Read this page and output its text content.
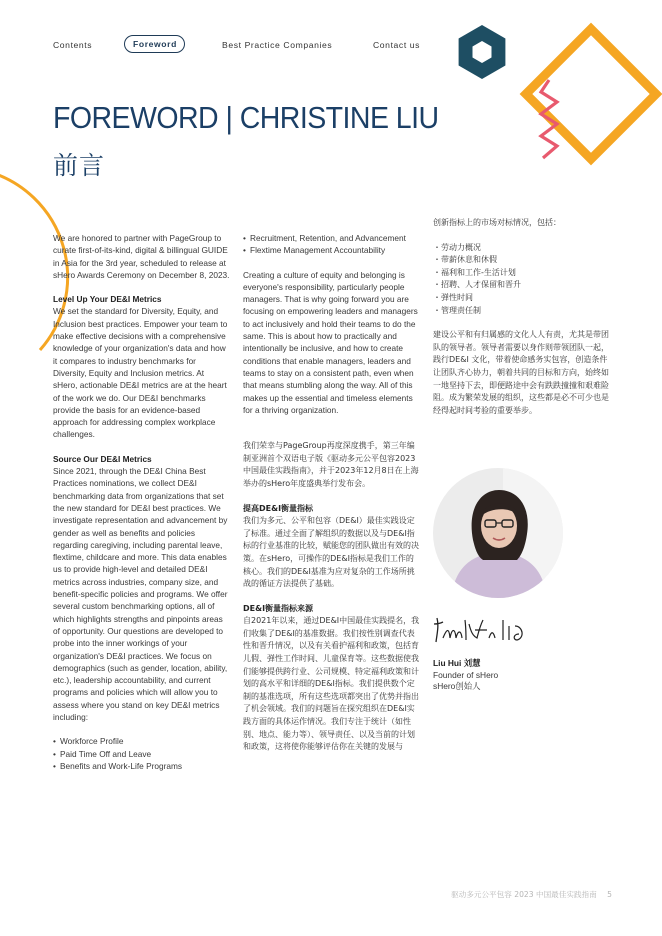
Contents	Foreword	Best Practice Companies	Contact us
FOREWORD | CHRISTINE LIU
前言

We are honored to partner with PageGroup to curate first-of-its-kind, digital & billingual GUIDE in Asia for the 3rd year, scheduled to release at sHero Awards Ceremony on December 8, 2023.

Level Up Your DE&I Metrics

We set the standard for Diversity, Equity, and Inclusion best practices. Empower your team to make effective decisions with a comprehensive knowledge of your organization's data and how it compares to industry benchmarks for Diversity, Equity and Inclusion metrics. At sHero, actionable DE&I metrics are at the heart of the work we do. Our DE&I benchmarks provide the basis for an evidence-based approach for addressing complex workplace challenges.

Source Our DE&I Metrics

Since 2021, through the DE&I China Best Practices nominations, we collect DE&I benchmarking data from organizations that set the new standard for DE&I best practices. We investigate representation and advancement by gender as well as benefits and policies regarding caregiving, including parental leave, flextime, childcare and more. This data enables us to provide high-level and detailed DE&I metrics across industries, company size, and benefit-specific policies and programs. We offer several custom benchmarking options, all of which highlights strengths and pinpoints areas of opportunity. Our questions are developed to probe into the inner workings of your organization's DE&I practices. We focus on demographics (such as gender, location, ability, etc.), leadership accountability, and current programs and policies which will allow you to assess where you stand on key DE&I metrics including:

• Workforce Profile
• Paid Time Off and Leave
• Benefits and Work-Life Programs
• Recruitment, Retention, and Advancement
• Flextime Management Accountability

Creating a culture of equity and belonging is everyone's responsibility, particularly people managers. That is why going forward you are focusing on empowering leaders and managers to act inclusively and hold their teams to do the same. This is about how to practically and intentionally be inclusive, and how to create conditions that enable managers, leaders and teams to stay on a consistent path, even when that means stumbling along the way. All of this makes up the essential and timeless elements for a thriving organization.

我们荣幸与PageGroup再度深度携手，第三年编制亚洲首个双语电子版《驱动多元公平包容2023中国最佳实践指南》，并于2023年12月8日在上海举办的sHero年度盛典举行发布会。

提高DE&I衡量指标

我们为多元、公平和包容（DE&I）最佳实践设定了标准。通过全面了解组织的数据以及与DE&I指标的行业基准的比较，赋能您的团队做出有效的决策。在sHero，可操作的DE&I指标是我们工作的核心。我们的DE&I基准为应对复杂的工作场所挑战的循证方法提供了基础。

DE&I衡量指标来源

自2021年以来，通过DE&I中国最佳实践提名，我们收集了DE&I的基准数据。我们按性别调查代表性和晋升情况，以及有关看护福利和政策，包括育儿假、弹性工作时间、儿童保育等。这些数据使我们能够提供跨行业、公司规模、特定福利政策和计划的高水平和详细的DE&I指标。我们提供数个定制的基准选项，所有这些选项都突出了优势并指出了机会领域。我们的问题旨在探究组织在DE&I实践方面的具体运作情况。我们专注于统计（如性别、地点、能力等）、领导责任、以及当前的计划和政策，这将使你能够评估你在关键的发展与

创新指标上的市场对标情况，包括：

・劳动力概况
・带薪休息和休假
・福利和工作-生活计划
・招聘、人才保留和晋升
・弹性时间
・管理责任制

建设公平和有归属感的文化人人有责，尤其是带团队的领导者。领导者需要以身作则带领团队一起，践行DE&I 文化，带着使命感务实包容，创造条件让团队齐心协力，朝着共同的目标和方向，始终如一地坚持下去，即便路途中会有跌跌撞撞和艰难险阻。成为繁荣发展的组织，这些都是必不可少也是经得起时间考验的重要举步。

Liu Hui 刘慧
Founder of sHero
sHero创始人
驱动多元公平包容 2023 中国最佳实践指南 5
